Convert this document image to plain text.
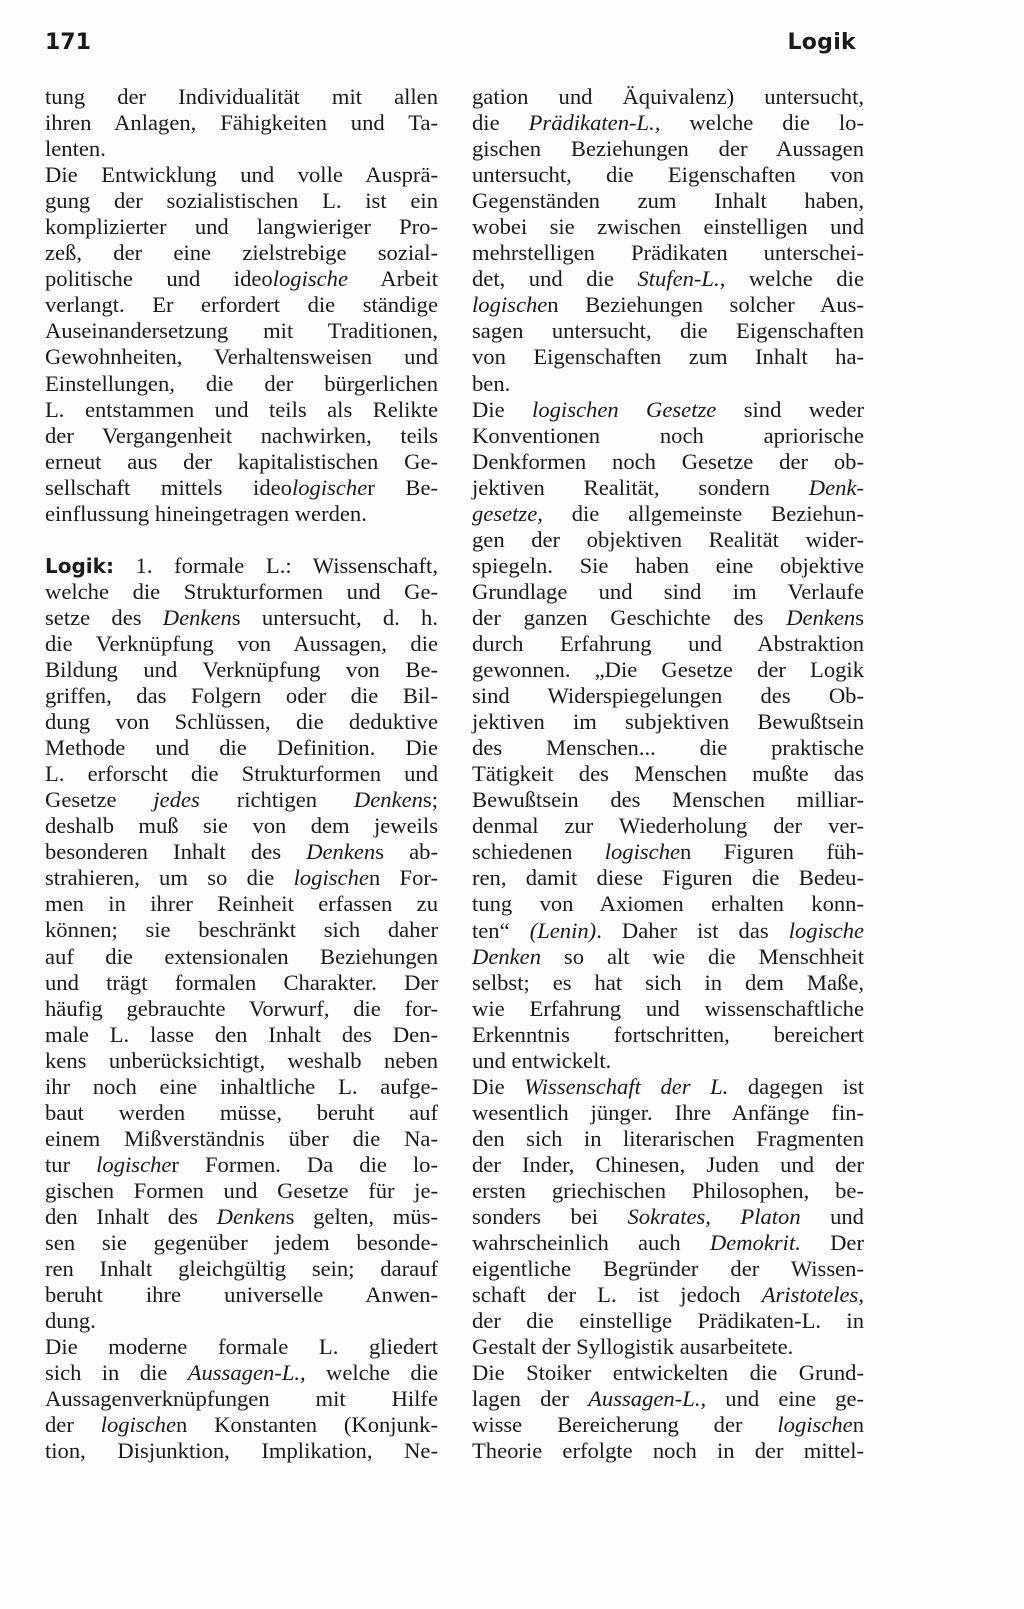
171	Logik
tung der Individualität mit allen
ihren Anlagen, Fähigkeiten und Ta-
lenten.
Die Entwicklung und volle Ausprä-
gung der sozialistischen L. ist ein
komplizierter und langwieriger Pro-
zeß, der eine zielstrebige sozial-
politische und ideologische Arbeit
verlangt. Er erfordert die ständige
Auseinandersetzung mit Traditionen,
Gewohnheiten, Verhaltensweisen und
Einstellungen, die der bürgerlichen
L. entstammen und teils als Relikte
der Vergangenheit nachwirken, teils
erneut aus der kapitalistischen Ge-
sellschaft mittels ideologischer Be-
einflussung hineingetragen werden.
Logik: 1. formale L.: Wissenschaft,
welche die Strukturformen und Ge-
setze des Denkens untersucht, d. h.
die Verknüpfung von Aussagen, die
Bildung und Verknüpfung von Be-
griffen, das Folgern oder die Bil-
dung von Schlüssen, die deduktive
Methode und die Definition. Die
L. erforscht die Strukturformen und
Gesetze jedes richtigen Denkens;
deshalb muß sie von dem jeweils
besonderen Inhalt des Denkens ab-
strahieren, um so die logischen For-
men in ihrer Reinheit erfassen zu
können; sie beschränkt sich daher
auf die extensionalen Beziehungen
und trägt formalen Charakter. Der
häufig gebrauchte Vorwurf, die for-
male L. lasse den Inhalt des Den-
kens unberücksichtigt, weshalb neben
ihr noch eine inhaltliche L. aufge-
baut werden müsse, beruht auf
einem Mißverständnis über die Na-
tur logischer Formen. Da die lo-
gischen Formen und Gesetze für je-
den Inhalt des Denkens gelten, müs-
sen sie gegenüber jedem besonde-
ren Inhalt gleichgültig sein; darauf
beruht ihre universelle Anwen-
dung.
Die moderne formale L. gliedert
sich in die Aussagen-L., welche die
Aussagenverknüpfungen mit Hilfe
der logischen Konstanten (Konjunk-
tion, Disjunktion, Implikation, Ne-
gation und Äquivalenz) untersucht,
die Prädikaten-L., welche die lo-
gischen Beziehungen der Aussagen
untersucht, die Eigenschaften von
Gegenständen zum Inhalt haben,
wobei sie zwischen einstelligen und
mehrstelligen Prädikaten unterschei-
det, und die Stufen-L., welche die
logischen Beziehungen solcher Aus-
sagen untersucht, die Eigenschaften
von Eigenschaften zum Inhalt ha-
ben.
Die logischen Gesetze sind weder
Konventionen noch apriorische
Denkformen noch Gesetze der ob-
jektiven Realität, sondern Denk-
gesetze, die allgemeinste Beziehun-
gen der objektiven Realität wider-
spiegeln. Sie haben eine objektive
Grundlage und sind im Verlaufe
der ganzen Geschichte des Denkens
durch Erfahrung und Abstraktion
gewonnen. „Die Gesetze der Logik
sind Widerspiegelungen des Ob-
jektiven im subjektiven Bewußtsein
des Menschen... die praktische
Tätigkeit des Menschen mußte das
Bewußtsein des Menschen milliar-
denmal zur Wiederholung der ver-
schiedenen logischen Figuren füh-
ren, damit diese Figuren die Bedeu-
tung von Axiomen erhalten konn-
ten“ (Lenin). Daher ist das logische
Denken so alt wie die Menschheit
selbst; es hat sich in dem Maße,
wie Erfahrung und wissenschaftliche
Erkenntnis fortschritten, bereichert
und entwickelt.
Die Wissenschaft der L. dagegen ist
wesentlich jünger. Ihre Anfänge fin-
den sich in literarischen Fragmenten
der Inder, Chinesen, Juden und der
ersten griechischen Philosophen, be-
sonders bei Sokrates, Platon und
wahrscheinlich auch Demokrit. Der
eigentliche Begründer der Wissen-
schaft der L. ist jedoch Aristoteles,
der die einstellige Prädikaten-L. in
Gestalt der Syllogistik ausarbeitete.
Die Stoiker entwickelten die Grund-
lagen der Aussagen-L., und eine ge-
wisse Bereicherung der logischen
Theorie erfolgte noch in der mittel-
